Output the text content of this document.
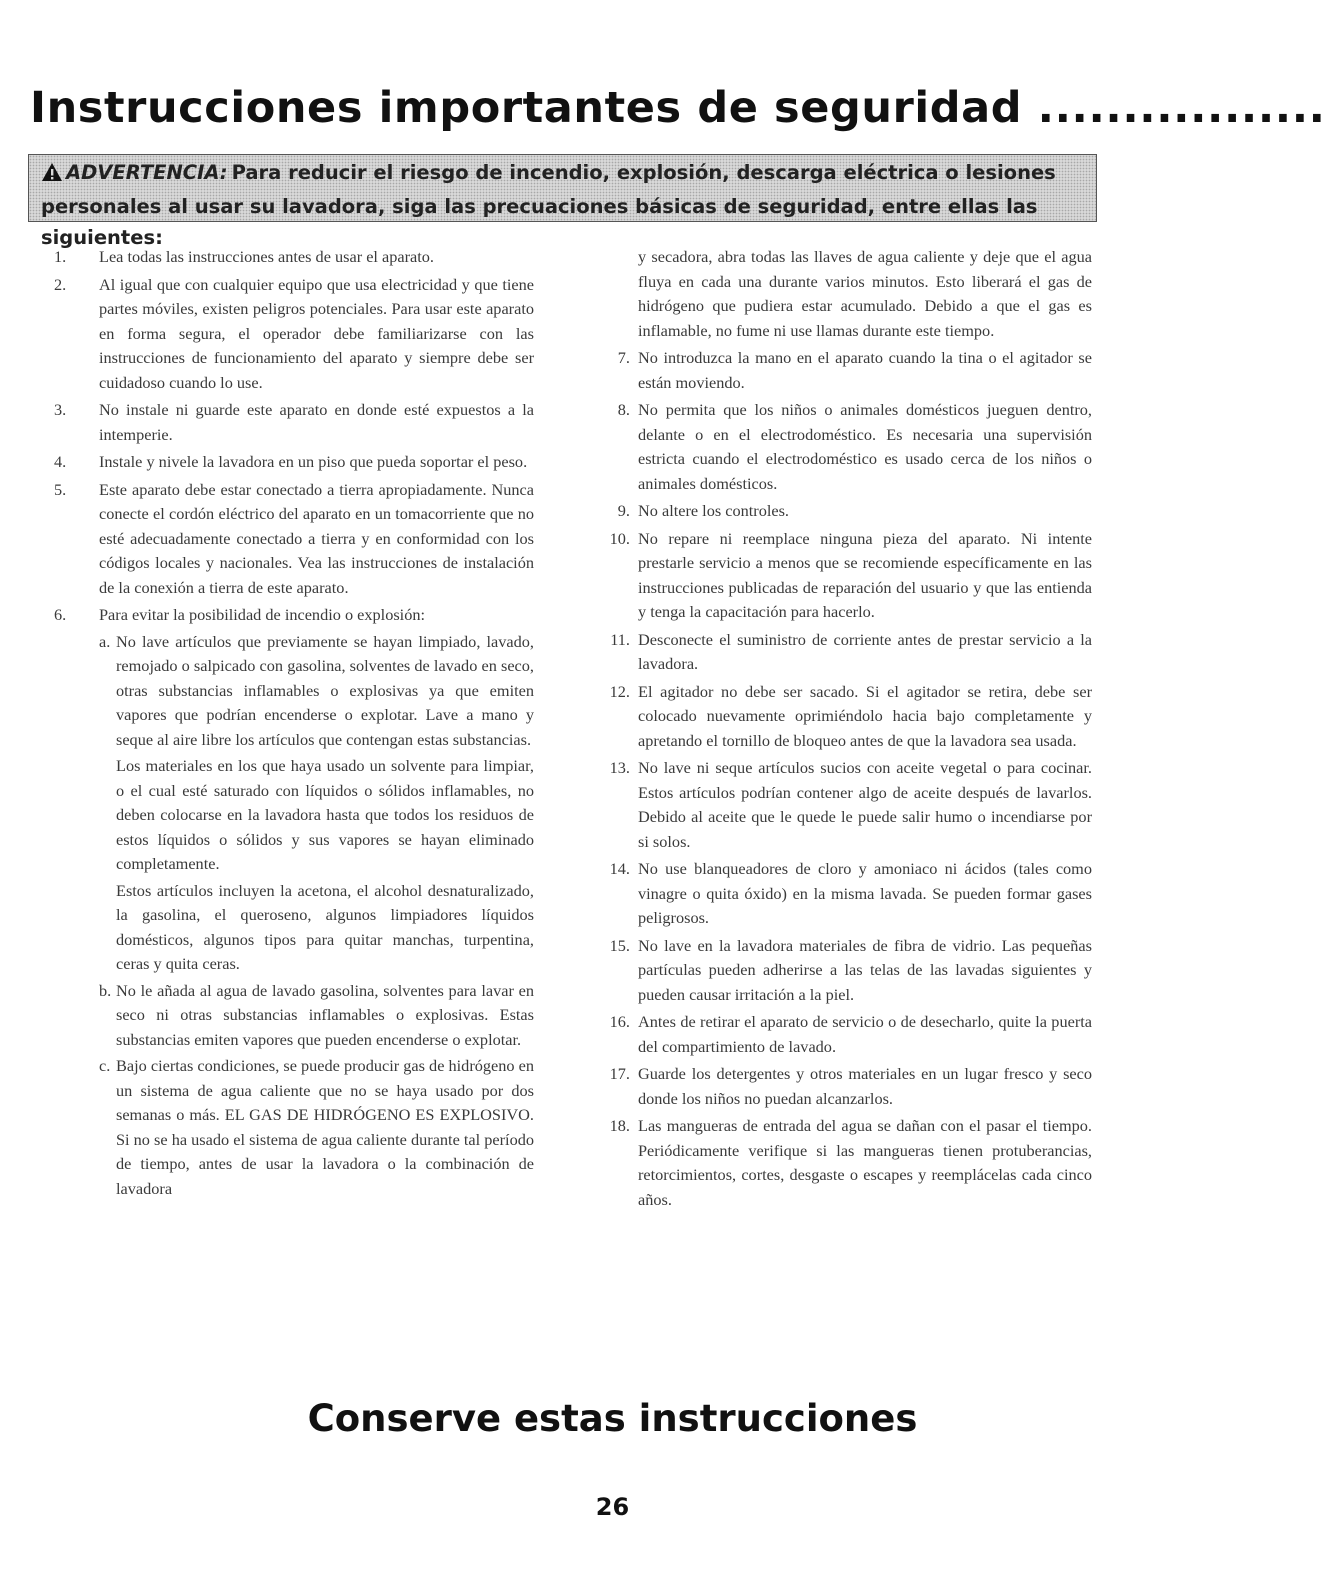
Instrucciones importantes de seguridad .................
ADVERTENCIA: Para reducir el riesgo de incendio, explosión, descarga eléctrica o lesiones personales al usar su lavadora, siga las precuaciones básicas de seguridad, entre ellas las siguientes:
1. Lea todas las instrucciones antes de usar el aparato.
2. Al igual que con cualquier equipo que usa electricidad y que tiene partes móviles, existen peligros potenciales. Para usar este aparato en forma segura, el operador debe familiarizarse con las instrucciones de funcionamiento del aparato y siempre debe ser cuidadoso cuando lo use.
3. No instale ni guarde este aparato en donde esté expuestos a la intemperie.
4. Instale y nivele la lavadora en un piso que pueda soportar el peso.
5. Este aparato debe estar conectado a tierra apropiadamente. Nunca conecte el cordón eléctrico del aparato en un tomacorriente que no esté adecuadamente conectado a tierra y en conformidad con los códigos locales y nacionales. Vea las instrucciones de instalación de la conexión a tierra de este aparato.
6. Para evitar la posibilidad de incendio o explosión:
a. No lave artículos que previamente se hayan limpiado, lavado, remojado o salpicado con gasolina, solventes de lavado en seco, otras substancias inflamables o explosivas ya que emiten vapores que podrían encenderse o explotar. Lave a mano y seque al aire libre los artículos que contengan estas substancias.
Los materiales en los que haya usado un solvente para limpiar, o el cual esté saturado con líquidos o sólidos inflamables, no deben colocarse en la lavadora hasta que todos los residuos de estos líquidos o sólidos y sus vapores se hayan eliminado completamente.
Estos artículos incluyen la acetona, el alcohol desnaturalizado, la gasolina, el queroseno, algunos limpiadores líquidos domésticos, algunos tipos para quitar manchas, turpentina, ceras y quita ceras.
b. No le añada al agua de lavado gasolina, solventes para lavar en seco ni otras substancias inflamables o explosivas. Estas substancias emiten vapores que pueden encenderse o explotar.
c. Bajo ciertas condiciones, se puede producir gas de hidrógeno en un sistema de agua caliente que no se haya usado por dos semanas o más. EL GAS DE HIDRÓGENO ES EXPLOSIVO. Si no se ha usado el sistema de agua caliente durante tal período de tiempo, antes de usar la lavadora o la combinación de lavadora
y secadora, abra todas las llaves de agua caliente y deje que el agua fluya en cada una durante varios minutos. Esto liberará el gas de hidrógeno que pudiera estar acumulado. Debido a que el gas es inflamable, no fume ni use llamas durante este tiempo.
7. No introduzca la mano en el aparato cuando la tina o el agitador se están moviendo.
8. No permita que los niños o animales domésticos jueguen dentro, delante o en el electrodoméstico. Es necesaria una supervisión estricta cuando el electrodoméstico es usado cerca de los niños o animales domésticos.
9. No altere los controles.
10. No repare ni reemplace ninguna pieza del aparato. Ni intente prestarle servicio a menos que se recomiende específicamente en las instrucciones publicadas de reparación del usuario y que las entienda y tenga la capacitación para hacerlo.
11. Desconecte el suministro de corriente antes de prestar servicio a la lavadora.
12. El agitador no debe ser sacado. Si el agitador se retira, debe ser colocado nuevamente oprimiéndolo hacia bajo completamente y apretando el tornillo de bloqueo antes de que la lavadora sea usada.
13. No lave ni seque artículos sucios con aceite vegetal o para cocinar. Estos artículos podrían contener algo de aceite después de lavarlos. Debido al aceite que le quede le puede salir humo o incendiarse por si solos.
14. No use blanqueadores de cloro y amoniaco ni ácidos (tales como vinagre o quita óxido) en la misma lavada. Se pueden formar gases peligrosos.
15. No lave en la lavadora materiales de fibra de vidrio. Las pequeñas partículas pueden adherirse a las telas de las lavadas siguientes y pueden causar irritación a la piel.
16. Antes de retirar el aparato de servicio o de desecharlo, quite la puerta del compartimiento de lavado.
17. Guarde los detergentes y otros materiales en un lugar fresco y seco donde los niños no puedan alcanzarlos.
18. Las mangueras de entrada del agua se dañan con el pasar el tiempo. Periódicamente verifique si las mangueras tienen protuberancias, retorcimientos, cortes, desgaste o escapes y reemplácelas cada cinco años.
Conserve estas instrucciones
26
